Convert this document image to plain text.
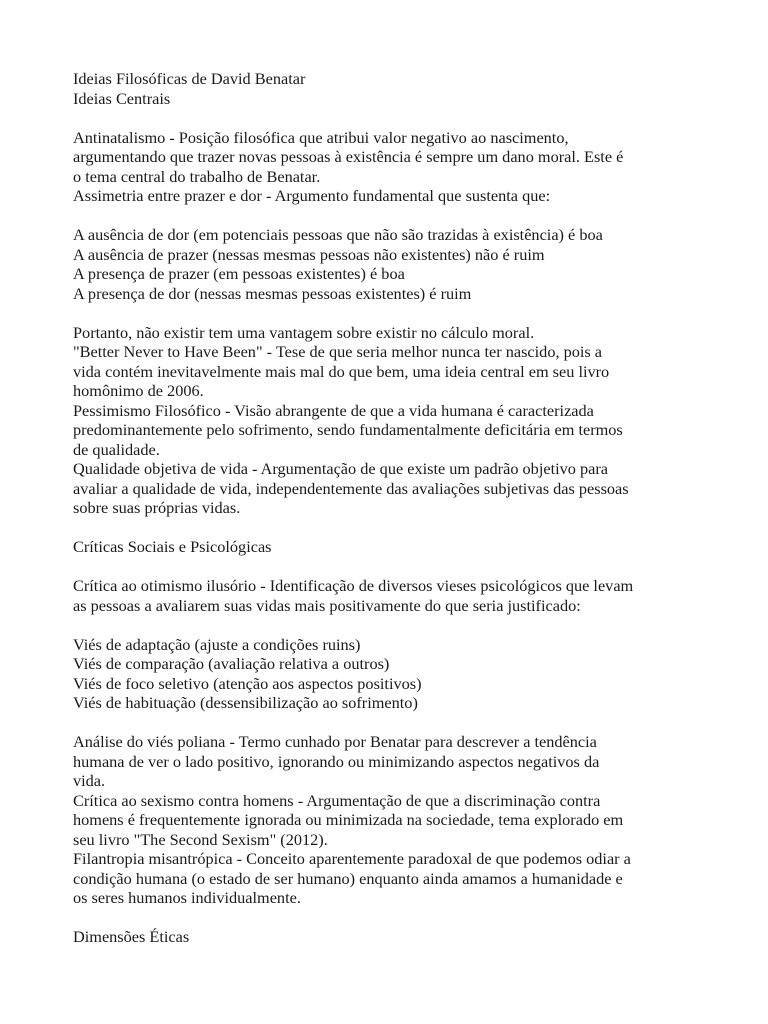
Ideias Filosóficas de David Benatar
Ideias Centrais
Antinatalismo - Posição filosófica que atribui valor negativo ao nascimento,
argumentando que trazer novas pessoas à existência é sempre um dano moral. Este é
o tema central do trabalho de Benatar.
Assimetria entre prazer e dor - Argumento fundamental que sustenta que:
A ausência de dor (em potenciais pessoas que não são trazidas à existência) é boa
A ausência de prazer (nessas mesmas pessoas não existentes) não é ruim
A presença de prazer (em pessoas existentes) é boa
A presença de dor (nessas mesmas pessoas existentes) é ruim
Portanto, não existir tem uma vantagem sobre existir no cálculo moral.
"Better Never to Have Been" - Tese de que seria melhor nunca ter nascido, pois a
vida contém inevitavelmente mais mal do que bem, uma ideia central em seu livro
homônimo de 2006.
Pessimismo Filosófico - Visão abrangente de que a vida humana é caracterizada
predominantemente pelo sofrimento, sendo fundamentalmente deficitária em termos
de qualidade.
Qualidade objetiva de vida - Argumentação de que existe um padrão objetivo para
avaliar a qualidade de vida, independentemente das avaliações subjetivas das pessoas
sobre suas próprias vidas.
Críticas Sociais e Psicológicas
Crítica ao otimismo ilusório - Identificação de diversos vieses psicológicos que levam
as pessoas a avaliarem suas vidas mais positivamente do que seria justificado:
Viés de adaptação (ajuste a condições ruins)
Viés de comparação (avaliação relativa a outros)
Viés de foco seletivo (atenção aos aspectos positivos)
Viés de habituação (dessensibilização ao sofrimento)
Análise do viés poliana - Termo cunhado por Benatar para descrever a tendência
humana de ver o lado positivo, ignorando ou minimizando aspectos negativos da
vida.
Crítica ao sexismo contra homens - Argumentação de que a discriminação contra
homens é frequentemente ignorada ou minimizada na sociedade, tema explorado em
seu livro "The Second Sexism" (2012).
Filantropia misantrópica - Conceito aparentemente paradoxal de que podemos odiar a
condição humana (o estado de ser humano) enquanto ainda amamos a humanidade e
os seres humanos individualmente.
Dimensões Éticas
